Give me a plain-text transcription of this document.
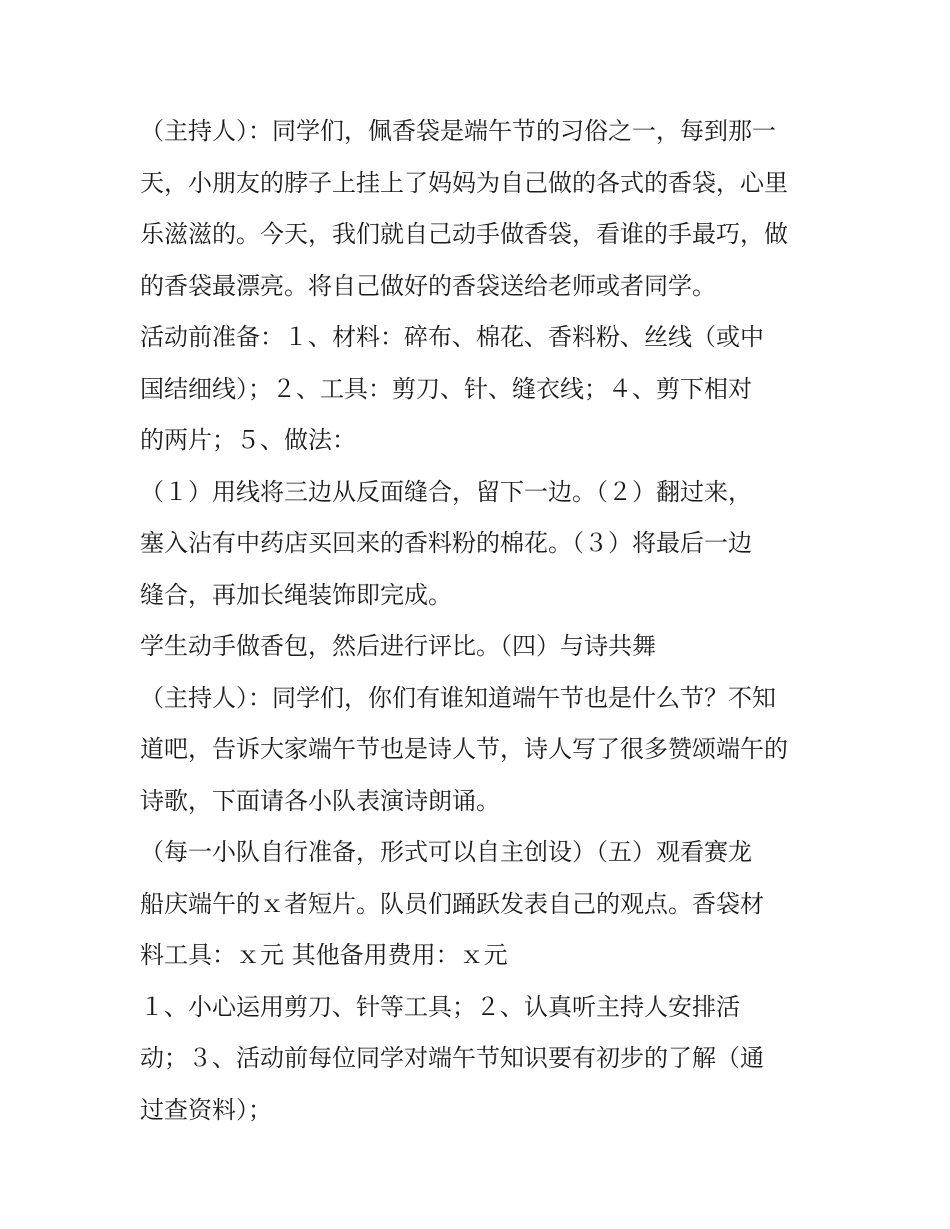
（主持人）：同学们，佩香袋是端午节的习俗之一，每到那一
天，小朋友的脖子上挂上了妈妈为自己做的各式的香袋，心里
乐滋滋的。今天，我们就自己动手做香袋，看谁的手最巧，做
的香袋最漂亮。将自己做好的香袋送给老师或者同学。
活动前准备：１、材料：碎布、棉花、香料粉、丝线（或中
国结细线）；２、工具：剪刀、针、缝衣线；４、剪下相对
的两片；５、做法：
（１）用线将三边从反面缝合，留下一边。（２）翻过来，
塞入沾有中药店买回来的香料粉的棉花。（３）将最后一边
缝合，再加长绳装饰即完成。
学生动手做香包，然后进行评比。（四）与诗共舞
（主持人）：同学们，你们有谁知道端午节也是什么节？不知
道吧，告诉大家端午节也是诗人节，诗人写了很多赞颂端午的
诗歌，下面请各小队表演诗朗诵。
（每一小队自行准备，形式可以自主创设）（五）观看赛龙
船庆端午的ｘ者短片。队员们踊跃发表自己的观点。香袋材
料工具：ｘ元 其他备用费用：ｘ元
１、小心运用剪刀、针等工具；２、认真听主持人安排活
动；３、活动前每位同学对端午节知识要有初步的了解（通
过查资料）；
